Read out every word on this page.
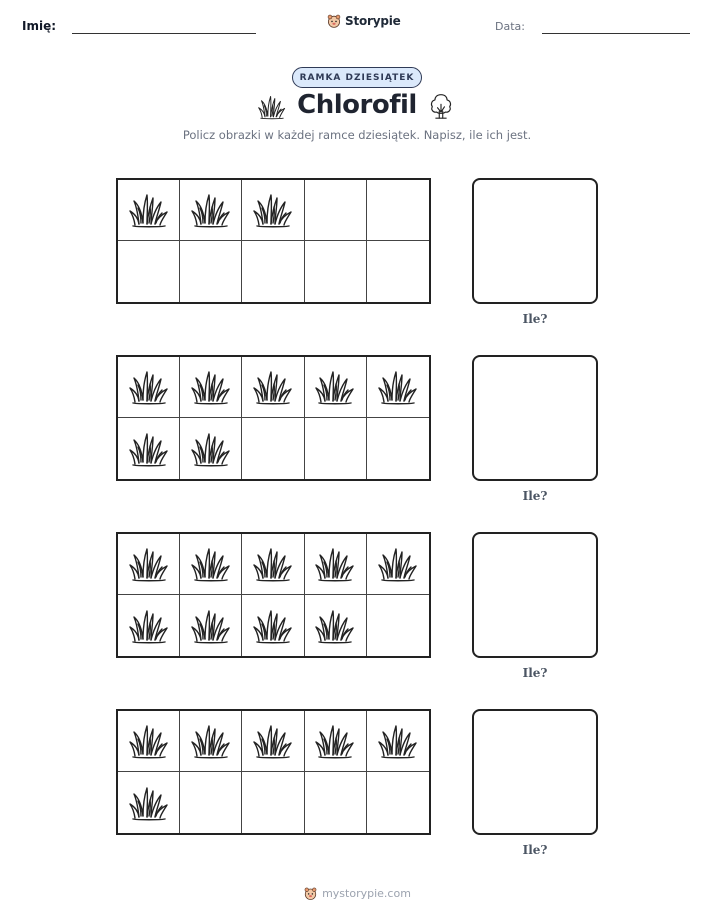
Imię:	Storypie	Data:
RAMKA DZIESIĄTEK
Chlorofil
Policz obrazki w każdej ramce dziesiątek. Napisz, ile ich jest.
Ile?
Ile?
Ile?
Ile?
mystorypie.com
